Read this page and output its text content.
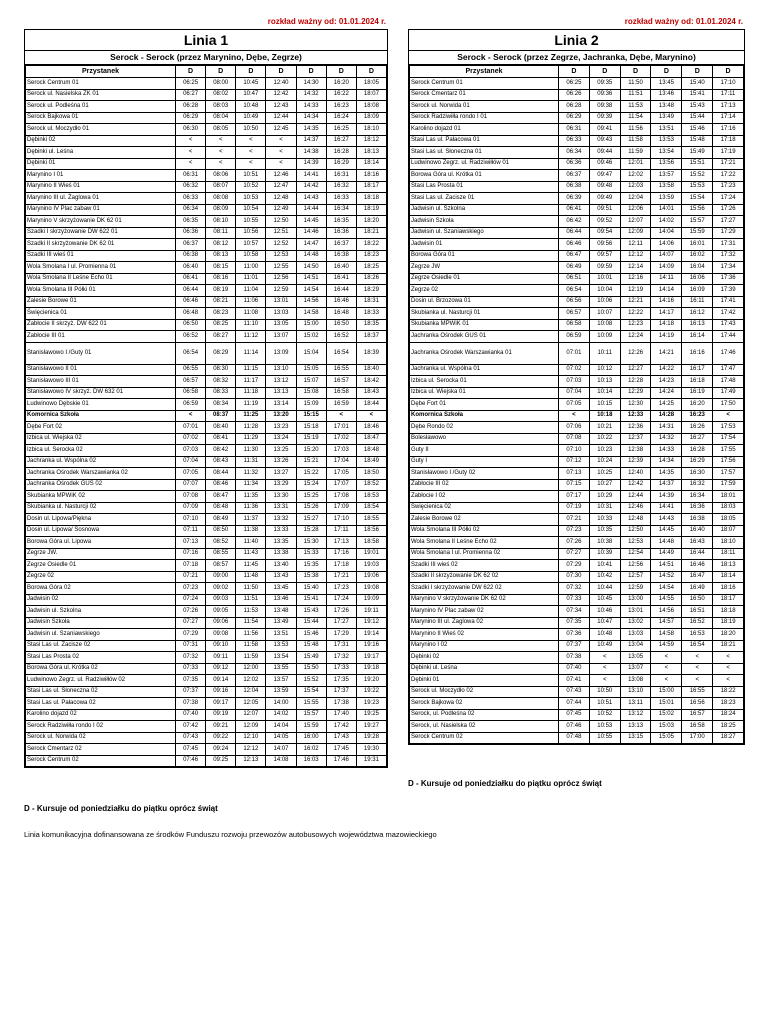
rozkład ważny od: 01.01.2024 r.
Linia 1
Serock - Serock (przez Marynino, Dębe, Zegrze)
Przystanek	D	D	D	D	D	D	D
Serock Centrum 01	06:25	08:00	10:45	12:40	14:30	16:20	18:05
Serock ul. Nasielska ZK 01	06:27	08:02	10:47	12:42	14:32	16:22	18:07
Serock ul. Podleśna 01	06:28	08:03	10:48	12:43	14:33	16:23	18:08
Serock Bajkowa 01	06:29	08:04	10:49	12:44	14:34	16:24	18:09
Serock ul. Moczydło 01	06:30	08:05	10:50	12:45	14:35	16:25	18:10
Dębinki 02	<	<	<	<	14:37	16:27	18:12
Dębinki ul. Leśna	<	<	<	<	14:38	16:28	18:13
Dębinki 01	<	<	<	<	14:39	16:29	18:14
Marynino I 01	06:31	08:06	10:51	12:46	14:41	16:31	18:16
Marynino II Wieś 01	06:32	08:07	10:52	12:47	14:42	16:32	18:17
Marynino III ul. Żaglowa 01	06:33	08:08	10:53	12:48	14:43	16:33	18:18
Marynino IV Plac zabaw 01	06:34	08:09	10:54	12:49	14:44	16:34	18:19
Marynino V skrzyżowanie DK 62 01	06:35	08:10	10:55	12:50	14:45	16:35	18:20
Szadki I skrzyżowanie DW 622 01	06:36	08:11	10:56	12:51	14:46	16:36	18:21
Szadki II skrzyżowanie DK 62 01	06:37	08:12	10:57	12:52	14:47	16:37	18:22
Szadki III wieś 01	06:38	08:13	10:58	12:53	14:48	16:38	18:23
Wola Smolana I ul. Promienna 01	06:40	08:15	11:00	12:55	14:50	16:40	18:25
Wola Smolana II Leśne Echo 01	06:41	08:16	11:01	12:56	14:51	16:41	18:26
Wola Smolana III Półki 01	06:44	08:19	11:04	12:59	14:54	16:44	18:29
Zalesie Borowe 01	06:46	08:21	11:06	13:01	14:56	16:46	18:31
Święcienica 01	06:48	08:23	11:08	13:03	14:58	16:48	18:33
Zabłocie II skrzyż. DW 622 01	06:50	08:25	11:10	13:05	15:00	16:50	18:35
Zabłocie III 01	06:52	08:27	11:12	13:07	15:02	16:52	18:37
Stanisławowo I /Guty 01	06:54	08:29	11:14	13:09	15:04	16:54	18:39
Stanisławowo II 01	06:55	08:30	11:15	13:10	15:05	16:55	18:40
Stanisławowo III 01	06:57	08:32	11:17	13:12	15:07	16:57	18:42
Stanisławowo IV skrzyż. DW 632 01	06:58	08:33	11:18	13:13	15:08	16:58	18:43
Ludwinowo Dębskie 01	06:59	08:34	11:19	13:14	15:09	16:59	18:44
Komornica Szkoła	<	08:37	11:25	13:20	15:15	<	<
Dębe Fort 02	07:01	08:40	11:28	13:23	15:18	17:01	18:46
Izbica ul. Wiejska 02	07:02	08:41	11:29	13:24	15:19	17:02	18:47
Izbica ul. Serocka 02	07:03	08:42	11:30	13:25	15:20	17:03	18:48
Jachranka ul. Wspólna 02	07:04	08:43	11:31	13:26	15:21	17:04	18:49
Jachranka Ośrodek Warszawianka 02	07:05	08:44	11:32	13:27	15:22	17:05	18:50
Jachranka Ośrodek GUS 02	07:07	08:46	11:34	13:29	15:24	17:07	18:52
Skubianka MPWiK 02	07:08	08:47	11:35	13:30	15:25	17:08	18:53
Skubianka ul. Nasturcji 02	07:09	08:48	11:36	13:31	15:26	17:09	18:54
Dosin ul. Lipowa/Piękna	07:10	08:49	11:37	13:32	15:27	17:10	18:55
Dosin ul. Lipowa/ Sosnowa	07:11	08:50	11:38	13:33	15:28	17:11	18:56
Borowa Góra ul. Lipowa	07:13	08:52	11:40	13:35	15:30	17:13	18:58
Zegrze JW.	07:16	08:55	11:43	13:38	15:33	17:16	19:01
Zegrze Osiedle 01	07:18	08:57	11:45	13:40	15:35	17:18	19:03
Zegrze 02	07:21	09:00	11:48	13:43	15:38	17:21	19:06
Borowa Góra 02	07:23	09:02	11:50	13:45	15:40	17:23	19:08
Jadwisin 02	07:24	09:03	11:51	13:46	15:41	17:24	19:09
Jadwisin ul. Szkolna	07:26	09:05	11:53	13:48	15:43	17:26	19:11
Jadwisin Szkoła	07:27	09:06	11:54	13:49	15:44	17:27	19:12
Jadwisin ul. Szaniawskiego	07:29	09:08	11:56	13:51	15:46	17:29	19:14
Stasi Las ul. Zacisze 02	07:31	09:10	11:58	13:53	15:48	17:31	19:16
Stasi Las Prosta 02	07:32	09:11	11:59	13:54	15:49	17:32	19:17
Borowa Góra ul. Krótka 02	07:33	09:12	12:00	13:55	15:50	17:33	19:18
Ludwinowo Zegrz. ul. Radziwiłłów 02	07:35	09:14	12:02	13:57	15:52	17:35	19:20
Stasi Las ul. Słoneczna 02	07:37	09:16	12:04	13:59	15:54	17:37	19:22
Stasi Las ul. Pałacowa 02	07:38	09:17	12:05	14:00	15:55	17:38	19:23
Karolino dojazd 02	07:40	09:19	12:07	14:02	15:57	17:40	19:25
Serock Radziwiłła rondo I 02	07:42	09:21	12:09	14:04	15:59	17:42	19:27
Serock ul. Norwida 02	07:43	09:22	12:10	14:05	16:00	17:43	19:28
Serock Cmentarz 02	07:45	09:24	12:12	14:07	16:02	17:45	19:30
Serock Centrum 02	07:46	09:25	12:13	14:08	16:03	17:46	19:31
rozkład ważny od: 01.01.2024 r.
Linia 2
Serock - Serock (przez Zegrze, Jachranka, Dębe, Marynino)
Przystanek	D	D	D	D	D	D
Serock Centrum 01	06:25	09:35	11:50	13:45	15:40	17:10
Serock Cmentarz 01	06:26	09:36	11:51	13:46	15:41	17:11
Serock ul. Norwida 01	06:28	09:38	11:53	13:48	15:43	17:13
Serock Radziwiłła rondo I 01	06:29	09:39	11:54	13:49	15:44	17:14
Karolino dojazd 01	06:31	09:41	11:56	13:51	15:46	17:16
Stasi Las ul. Pałacowa 01	06:33	09:43	11:58	13:53	15:48	17:18
Stasi Las ul. Słoneczna 01	06:34	09:44	11:59	13:54	15:49	17:19
Ludwinowo Zegrz. ul. Radziwiłłów 01	06:36	09:46	12:01	13:56	15:51	17:21
Borowa Góra ul. Krótka 01	06:37	09:47	12:02	13:57	15:52	17:22
Stasi Las Prosta 01	06:38	09:48	12:03	13:58	15:53	17:23
Stasi Las ul. Zacisze 01	06:39	09:49	12:04	13:59	15:54	17:24
Jadwisin ul. Szkolna	06:41	09:51	12:06	14:01	15:56	17:26
Jadwisin Szkoła	06:42	09:52	12:07	14:02	15:57	17:27
Jadwisin ul. Szaniawskiego	06:44	09:54	12:09	14:04	15:59	17:29
Jadwisin 01	06:46	09:56	12:11	14:06	16:01	17:31
Borowa Góra 01	06:47	09:57	12:12	14:07	16:02	17:32
Zegrze JW	06:49	09:59	12:14	14:09	16:04	17:34
Zegrze Osiedle 01	06:51	10:01	12:16	14:11	16:06	17:36
Zegrze 02	06:54	10:04	12:19	14:14	16:09	17:39
Dosin ul. Brzozowa 01	06:56	10:06	12:21	14:16	16:11	17:41
Skubianka ul. Nasturcji 01	06:57	10:07	12:22	14:17	16:12	17:42
Skubianka MPWiK 01	06:58	10:08	12:23	14:18	16:13	17:43
Jachranka Ośrodek GUS 01	06:59	10:09	12:24	14:19	16:14	17:44
Jachranka Ośrodek Warszawianka 01	07:01	10:11	12:26	14:21	16:16	17:46
Jachranka ul. Wspólna 01	07:02	10:12	12:27	14:22	16:17	17:47
Izbica ul. Serocka 01	07:03	10:13	12:28	14:23	16:18	17:48
Izbica ul. Wiejska 01	07:04	10:14	12:29	14:24	16:19	17:49
Dębe Fort 01	07:05	10:15	12:30	14:25	16:20	17:50
Komornica Szkoła	<	10:18	12:33	14:28	16:23	<
Dębe Rondo 02	07:06	10:21	12:36	14:31	16:26	17:53
Bolesławowo	07:08	10:22	12:37	14:32	16:27	17:54
Guty II	07:10	10:23	12:38	14:33	16:28	17:55
Guty I	07:12	10:24	12:39	14:34	16:29	17:56
Stanisławowo I /Guty 02	07:13	10:25	12:40	14:35	16:30	17:57
Zabłocie III 02	07:15	10:27	12:42	14:37	16:32	17:59
Zabłocie I 02	07:17	10:29	12:44	14:39	16:34	18:01
Święcienica 02	07:19	10:31	12:46	14:41	16:36	18:03
Zalesie Borowe 02	07:21	10:33	12:48	14:43	16:38	18:05
Wola Smolana III Półki 02	07:23	10:35	12:50	14:45	16:40	18:07
Wola Smolana II Leśne Echo 02	07:26	10:38	12:53	14:48	16:43	18:10
Wola Smolana I ul. Promienna 02	07:27	10:39	12:54	14:49	16:44	18:11
Szadki III wieś 02	07:29	10:41	12:56	14:51	16:46	18:13
Szadki II skrzyżowanie DK 62 02	07:30	10:42	12:57	14:52	16:47	18:14
Szadki I skrzyżowanie DW 622 02	07:32	10:44	12:59	14:54	16:49	18:16
Marynino V skrzyżowanie DK 62 02	07:33	10:45	13:00	14:55	16:50	18:17
Marynino IV Plac zabaw 02	07:34	10:46	13:01	14:56	16:51	18:18
Marynino III ul. Żaglowa 02	07:35	10:47	13:02	14:57	16:52	18:19
Marynino II Wieś 02	07:36	10:48	13:03	14:58	16:53	18:20
Marynino I 02	07:37	10:49	13:04	14:59	16:54	18:21
Dębinki 02	07:38	<	13:05	<	<	<
Dębinki ul. Leśna	07:40	<	13:07	<	<	<
Dębinki 01	07:41	<	13:08	<	<	<
Serock ul. Moczydło 02	07:43	10:50	13:10	15:00	16:55	18:22
Serock Bajkowa 02	07:44	10:51	13:11	15:01	16:56	18:23
Serock, ul. Podleśna 02	07:45	10:52	13:12	15:02	16:57	18:24
Serock, ul. Nasielska 02	07:46	10:53	13:13	15:03	16:58	18:25
Serock Centrum 02	07:48	10:55	13:15	15:05	17:00	18:27
D - Kursuje od poniedziałku do piątku oprócz świąt
D - Kursuje od poniedziałku do piątku oprócz świąt
Linia komunikacyjna dofinansowana ze środków Funduszu rozwoju przewozów autobusowych województwa mazowieckiego
